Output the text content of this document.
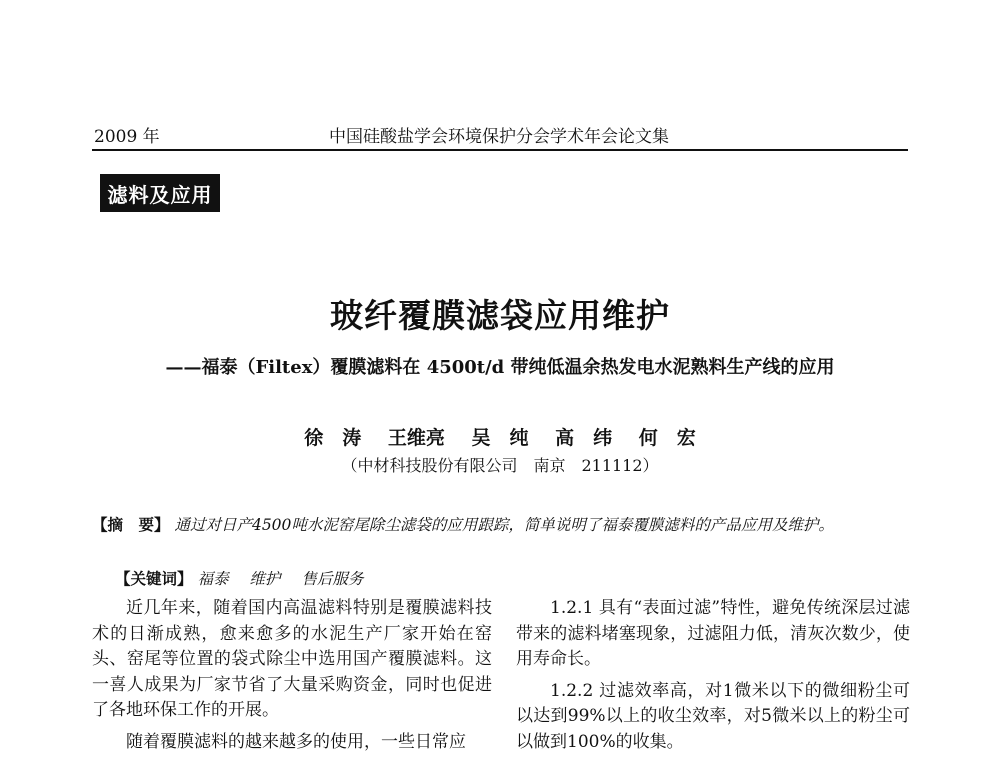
2009 年	中国硅酸盐学会环境保护分会学术年会论文集
滤料及应用
玻纤覆膜滤袋应用维护
——福泰（Filtex）覆膜滤料在 4500t/d 带纯低温余热发电水泥熟料生产线的应用
徐　涛 王维亮 吴　纯 高　纬 何　宏
（中材科技股份有限公司　南京　211112）
【摘　要】 通过对日产4500吨水泥窑尾除尘滤袋的应用跟踪，简单说明了福泰覆膜滤料的产品应用及维护。
【关键词】 福泰 维护 售后服务

近几年来，随着国内高温滤料特别是覆膜滤料技术的日渐成熟，愈来愈多的水泥生产厂家开始在窑头、窑尾等位置的袋式除尘中选用国产覆膜滤料。这一喜人成果为厂家节省了大量采购资金，同时也促进了各地环保工作的开展。

随着覆膜滤料的越来越多的使用，一些日常应

1.2.1 具有“表面过滤”特性，避免传统深层过滤带来的滤料堵塞现象，过滤阻力低，清灰次数少，使用寿命长。

1.2.2 过滤效率高，对1微米以下的微细粉尘可以达到99%以上的收尘效率，对5微米以上的粉尘可以做到100%的收集。
